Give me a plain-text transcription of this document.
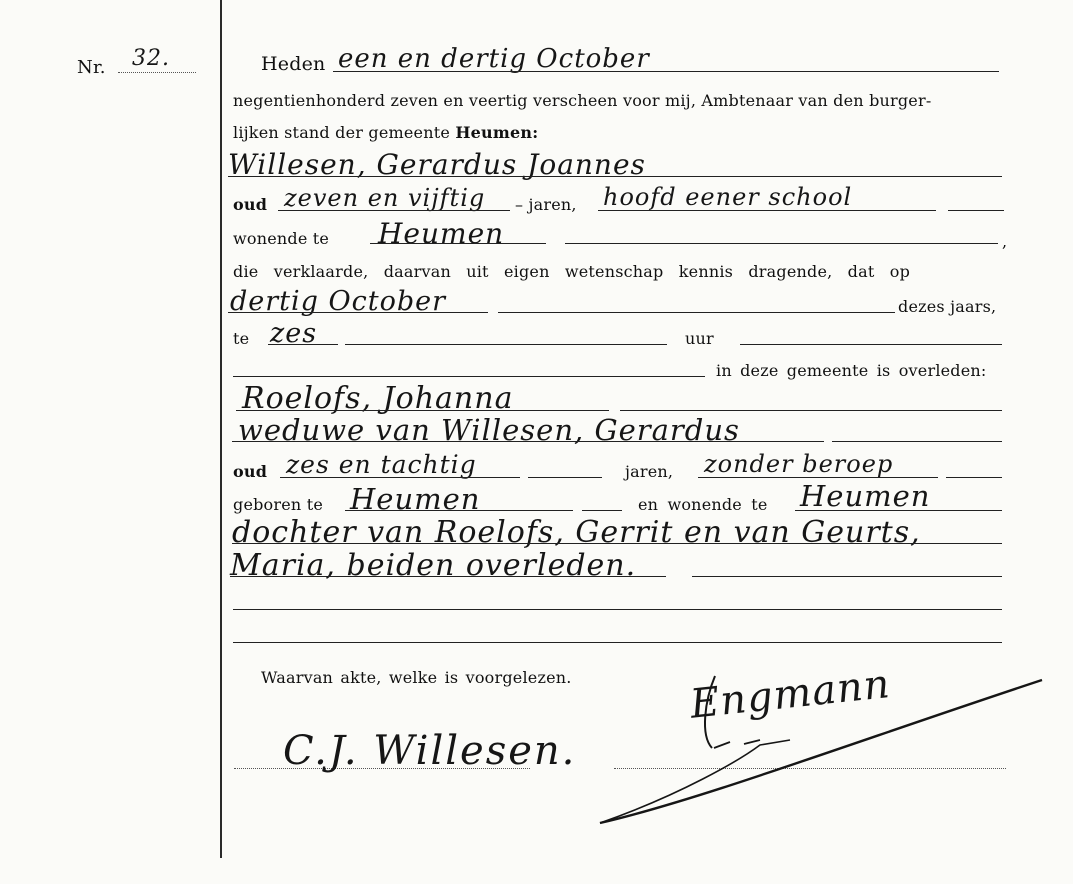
Nr. 32.	Heden een en dertig October
negentienhonderd zeven en veertig verscheen voor mij, Ambtenaar van den burger-
lijken stand der gemeente Heumen:
Willesen, Gerardus Joannes
oud zeven en vijftig – jaren, hoofd eener school
wonende te Heumen	,
die verklaarde, daarvan uit eigen wetenschap kennis dragende, dat op
dertig October	dezes jaars,
te zes	uur
in deze gemeente is overleden:
Roelofs, Johanna
weduwe van Willesen, Gerardus
oud zes en tachtig	jaren, zonder beroep
geboren te Heumen	en wonende te Heumen
dochter van Roelofs, Gerrit en van Geurts,
Maria, beiden overleden.
Waarvan akte, welke is voorgelezen.
C.J. Willesen.
Engmann
